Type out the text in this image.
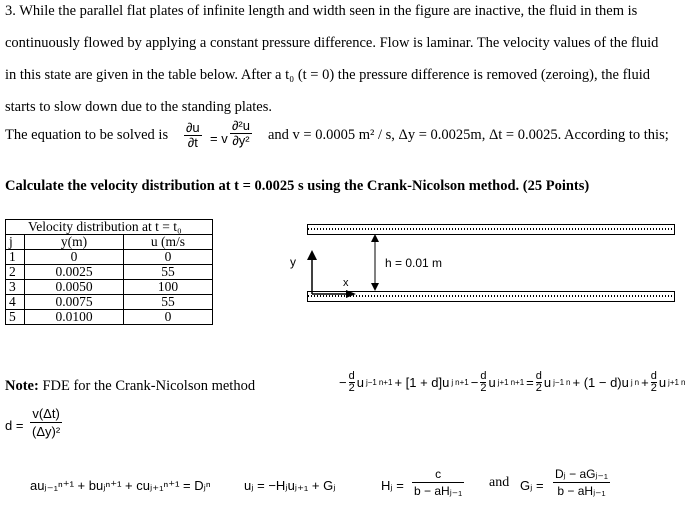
3. While the parallel flat plates of infinite length and width seen in the figure are inactive, the fluid in them is
continuously flowed by applying a constant pressure difference. Flow is laminar. The velocity values of the fluid
in this state are given in the table below. After a t₀ (t = 0) the pressure difference is removed (zeroing), the fluid
starts to slow down due to the standing plates.
The equation to be solved is ∂u
∂t = v
∂²u
∂y² and v = 0.0005 m² / s, Δy = 0.0025m, Δt = 0.0025. According to this;
Calculate the velocity distribution at t = 0.0025 s using the Crank-Nicolson method. (25 Points)
Velocity distribution at t = t₀		
j	y(m)	u (m/s
1	0	0
2	0.0025	55
3	0.0050	100
4	0.0075	55
5	0.0100	0
h = 0.01 m
y
x
Note: FDE for the Crank-Nicolson method	− d
2 u j−1 n+1 + [1 + d]u j n+1 − d
2 u j+1 n+1 = d
2 u j−1 n + (1 − d)u j n + d
2 u j+1 n
d =
v(Δt)
(Δy)²
auⱼ₋₁ⁿ⁺¹ + buⱼⁿ⁺¹ + cuⱼ₊₁ⁿ⁺¹ = Dⱼⁿ	uⱼ = −Hⱼuⱼ₊₁ + Gⱼ	Hⱼ =
c
b − aHⱼ₋₁
and Gⱼ =
Dⱼ − aGⱼ₋₁
b − aHⱼ₋₁
